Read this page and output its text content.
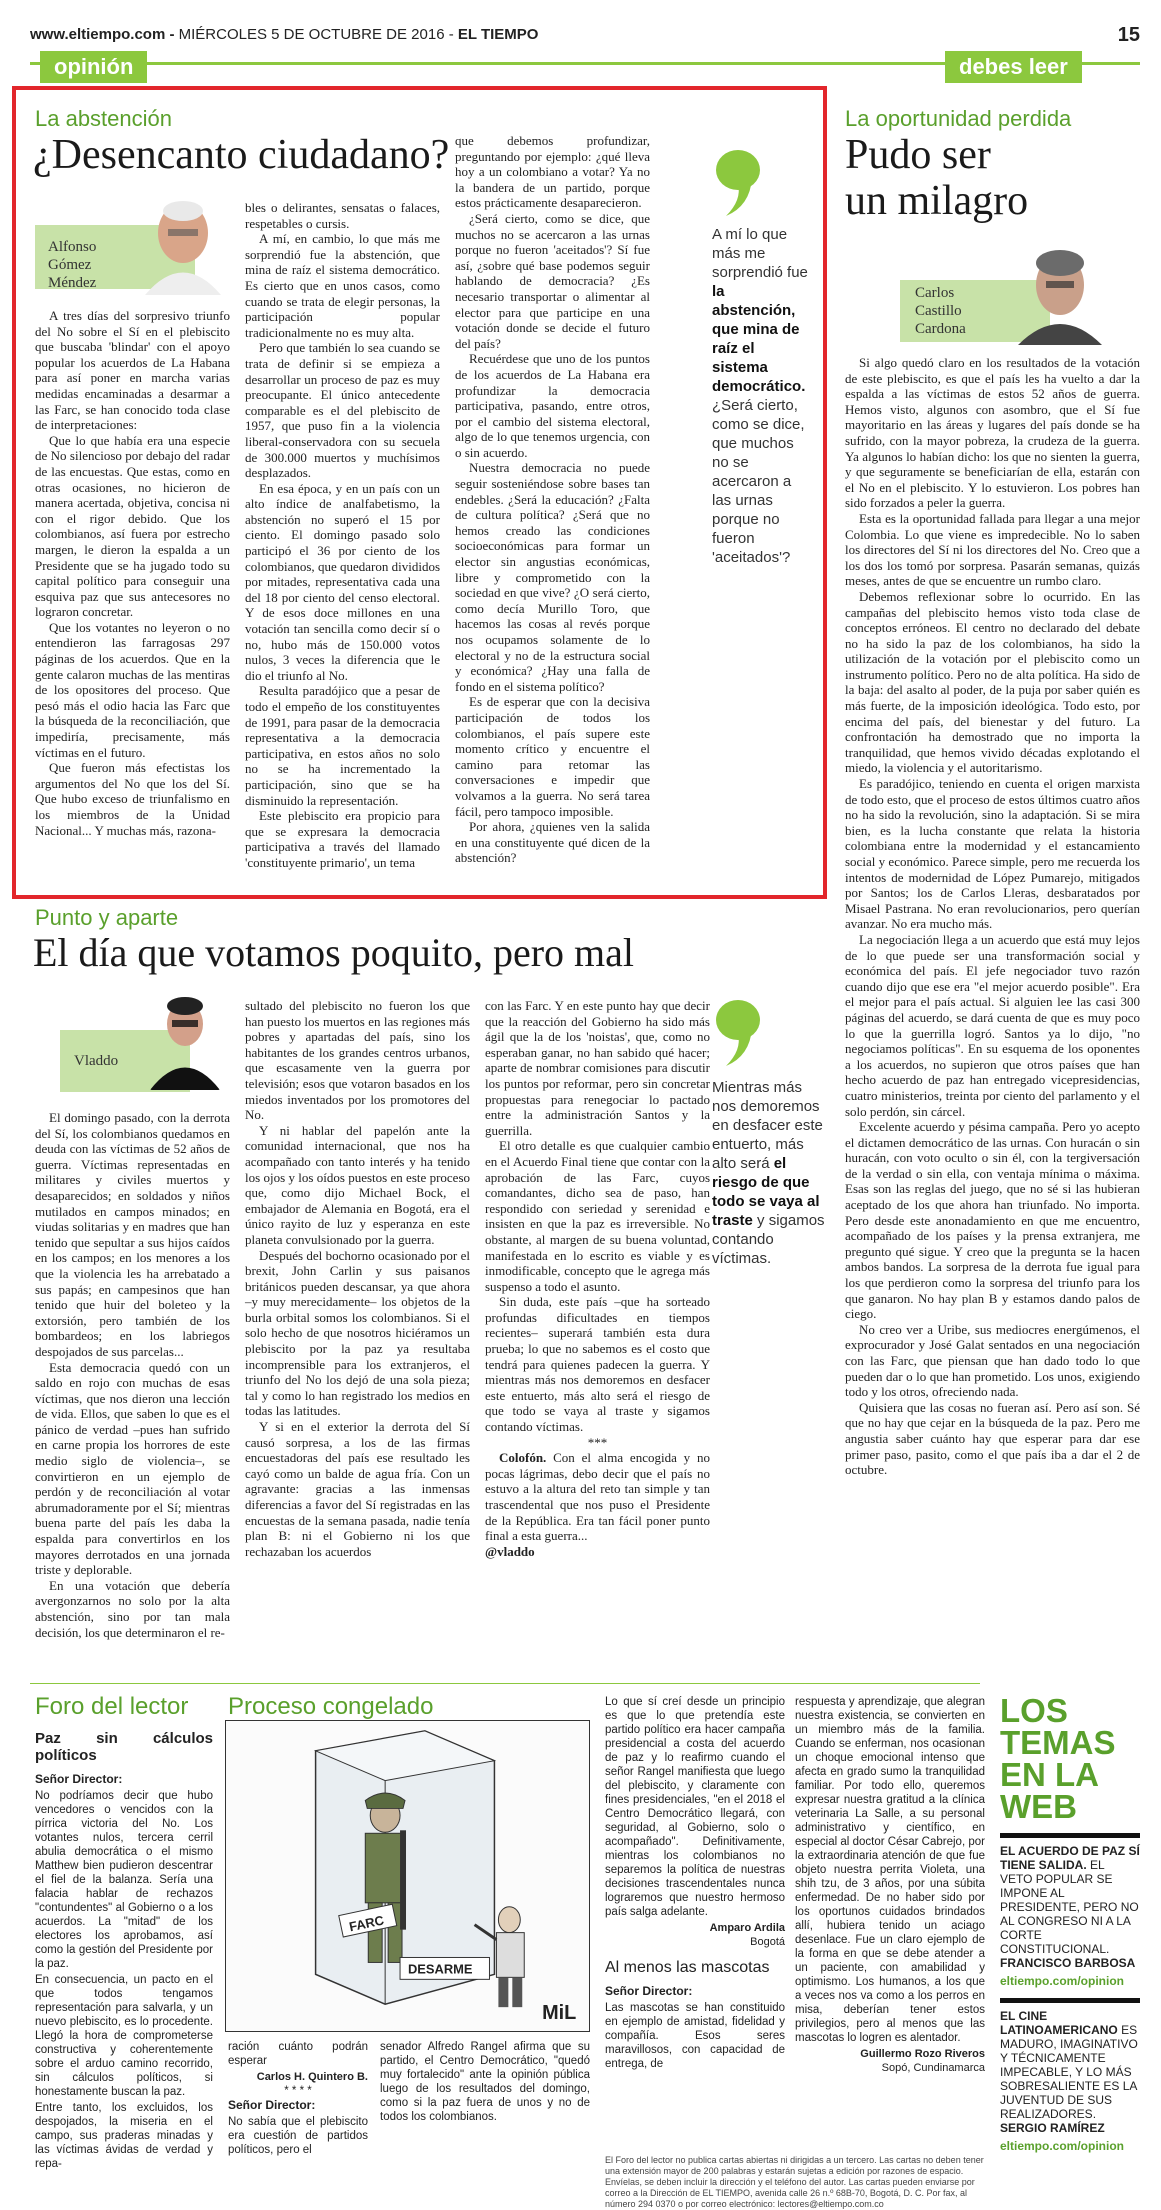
www.eltiempo.com - MIÉRCOLES 5 DE OCTUBRE DE 2016 - EL TIEMPO	15
opinión	debes leer
La abstención
¿Desencanto ciudadano?
Alfonso
Gómez
Méndez

A tres días del sorpresivo triunfo del No sobre el Sí en el plebiscito que buscaba 'blindar' con el apoyo popular los acuerdos de La Habana para así poner en marcha varias medidas encaminadas a desarmar a las Farc, se han conocido toda clase de interpretaciones:

Que lo que había era una especie de No silencioso por debajo del radar de las encuestas. Que estas, como en otras ocasiones, no hicieron de manera acertada, objetiva, concisa ni con el rigor debido. Que los colombianos, así fuera por estrecho margen, le dieron la espalda a un Presidente que se ha jugado todo su capital político para conseguir una esquiva paz que sus antecesores no lograron concretar.

Que los votantes no leyeron o no entendieron las farragosas 297 páginas de los acuerdos. Que en la gente calaron muchas de las mentiras de los opositores del proceso. Que pesó más el odio hacia las Farc que la búsqueda de la reconciliación, que impediría, precisamente, más víctimas en el futuro.

Que fueron más efectistas los argumentos del No que los del Sí. Que hubo exceso de triunfalismo en los miembros de la Unidad Nacional... Y muchas más, razona-

bles o delirantes, sensatas o falaces, respetables o cursis.

A mí, en cambio, lo que más me sorprendió fue la abstención, que mina de raíz el sistema democrático. Es cierto que en unos casos, como cuando se trata de elegir personas, la participación popular tradicionalmente no es muy alta.

Pero que también lo sea cuando se trata de definir si se empieza a desarrollar un proceso de paz es muy preocupante. El único antecedente comparable es el del plebiscito de 1957, que puso fin a la violencia liberal-conservadora con su secuela de 300.000 muertos y muchísimos desplazados.

En esa época, y en un país con un alto índice de analfabetismo, la abstención no superó el 15 por ciento. El domingo pasado solo participó el 36 por ciento de los colombianos, que quedaron divididos por mitades, representativa cada una del 18 por ciento del censo electoral. Y de esos doce millones en una votación tan sencilla como decir sí o no, hubo más de 150.000 votos nulos, 3 veces la diferencia que le dio el triunfo al No.

Resulta paradójico que a pesar de todo el empeño de los constituyentes de 1991, para pasar de la democracia representativa a la democracia participativa, en estos años no solo no se ha incrementado la participación, sino que se ha disminuido la representación.

Este plebiscito era propicio para que se expresara la democracia participativa a través del llamado 'constituyente primario', un tema

que debemos profundizar, preguntando por ejemplo: ¿qué lleva hoy a un colombiano a votar? Ya no la bandera de un partido, porque estos prácticamente desaparecieron.

¿Será cierto, como se dice, que muchos no se acercaron a las urnas porque no fueron 'aceitados'? Sí fue así, ¿sobre qué base podemos seguir hablando de democracia? ¿Es necesario transportar o alimentar al elector para que participe en una votación donde se decide el futuro del país?

Recuérdese que uno de los puntos de los acuerdos de La Habana era profundizar la democracia participativa, pasando, entre otros, por el cambio del sistema electoral, algo de lo que tenemos urgencia, con o sin acuerdo.

Nuestra democracia no puede seguir sosteniéndose sobre bases tan endebles. ¿Será la educación? ¿Falta de cultura política? ¿Será que no hemos creado las condiciones socioeconómicas para formar un elector sin angustias económicas, libre y comprometido con la sociedad en que vive? ¿O será cierto, como decía Murillo Toro, que hacemos las cosas al revés porque nos ocupamos solamente de lo electoral y no de la estructura social y económica? ¿Hay una falla de fondo en el sistema político?

Es de esperar que con la decisiva participación de todos los colombianos, el país supere este momento crítico y encuentre el camino para retomar las conversaciones e impedir que volvamos a la guerra. No será tarea fácil, pero tampoco imposible.

Por ahora, ¿quienes ven la salida en una constituyente qué dicen de la abstención?

A mí lo que más me sorprendió fue la abstención, que mina de raíz el sistema democrático. ¿Será cierto, como se dice, que muchos no se acercaron a las urnas porque no fueron 'aceitados'?
La oportunidad perdida
Pudo ser
un milagro
Carlos
Castillo
Cardona

Si algo quedó claro en los resultados de la votación de este plebiscito, es que el país les ha vuelto a dar la espalda a las víctimas de estos 52 años de guerra. Hemos visto, algunos con asombro, que el Sí fue mayoritario en las áreas y lugares del país donde se ha sufrido, con la mayor pobreza, la crudeza de la guerra. Ya algunos lo habían dicho: los que no sienten la guerra, y que seguramente se beneficiarían de ella, estarán con el No en el plebiscito. Y lo estuvieron. Los pobres han sido forzados a peler la guerra.

Esta es la oportunidad fallada para llegar a una mejor Colombia. Lo que viene es impredecible. No lo saben los directores del Sí ni los directores del No. Creo que a los dos los tomó por sorpresa. Pasarán semanas, quizás meses, antes de que se encuentre un rumbo claro.

Debemos reflexionar sobre lo ocurrido. En las campañas del plebiscito hemos visto toda clase de conceptos erróneos. El centro no declarado del debate no ha sido la paz de los colombianos, ha sido la utilización de la votación por el plebiscito como un instrumento político. Pero no de alta política. Ha sido de la baja: del asalto al poder, de la puja por saber quién es más fuerte, de la imposición ideológica. Todo esto, por encima del país, del bienestar y del futuro. La confrontación ha demostrado que no importa la tranquilidad, que hemos vivido décadas explotando el miedo, la violencia y el autoritarismo.

Es paradójico, teniendo en cuenta el origen marxista de todo esto, que el proceso de estos últimos cuatro años no ha sido la revolución, sino la adaptación. Si se mira bien, es la lucha constante que relata la historia colombiana entre la modernidad y el estancamiento social y económico. Parece simple, pero me recuerda los intentos de modernidad de López Pumarejo, mitigados por Santos; los de Carlos Lleras, desbaratados por Misael Pastrana. No eran revolucionarios, pero querían avanzar. No era mucho más.

La negociación llega a un acuerdo que está muy lejos de lo que puede ser una transformación social y económica del país. El jefe negociador tuvo razón cuando dijo que ese era "el mejor acuerdo posible". Era el mejor para el país actual. Si alguien lee las casi 300 páginas del acuerdo, se dará cuenta de que es muy poco lo que la guerrilla logró. Santos ya lo dijo, "no negociamos políticas". En su esquema de los oponentes a los acuerdos, no supieron que otros países que han hecho acuerdo de paz han entregado vicepresidencias, cuatro ministerios, treinta por ciento del parlamento y el solo perdón, sin cárcel.

Excelente acuerdo y pésima campaña. Pero yo acepto el dictamen democrático de las urnas. Con huracán o sin huracán, con voto oculto o sin él, con la tergiversación de la verdad o sin ella, con ventaja mínima o máxima. Esas son las reglas del juego, que no sé si las hubieran aceptado de los que ahora han triunfado. No importa. Pero desde este anonadamiento en que me encuentro, acompañado de los países y la prensa extranjera, me pregunto qué sigue. Y creo que la pregunta se la hacen ambos bandos. La sorpresa de la derrota fue igual para los que perdieron como la sorpresa del triunfo para los que ganaron. No hay plan B y estamos dando palos de ciego.

No creo ver a Uribe, sus mediocres energúmenos, el exprocurador y José Galat sentados en una negociación con las Farc, que piensan que han dado todo lo que pueden dar o lo que han prometido. Los unos, exigiendo todo y los otros, ofreciendo nada.

Quisiera que las cosas no fueran así. Pero así son. Sé que no hay que cejar en la búsqueda de la paz. Pero me angustia saber cuánto hay que esperar para dar ese primer paso, pasito, como el que país iba a dar el 2 de octubre.

Punto y aparte
El día que votamos poquito, pero mal
Vladdo

El domingo pasado, con la derrota del Sí, los colombianos quedamos en deuda con las víctimas de 52 años de guerra. Víctimas representadas en militares y civiles muertos y desaparecidos; en soldados y niños mutilados en campos minados; en viudas solitarias y en madres que han tenido que sepultar a sus hijos caídos en los campos; en los menores a los que la violencia les ha arrebatado a sus papás; en campesinos que han tenido que huir del boleteo y la extorsión, pero también de los bombardeos; en los labriegos despojados de sus parcelas...

Esta democracia quedó con un saldo en rojo con muchas de esas víctimas, que nos dieron una lección de vida. Ellos, que saben lo que es el pánico de verdad –pues han sufrido en carne propia los horrores de este medio siglo de violencia–, se convirtieron en un ejemplo de perdón y de reconciliación al votar abrumadoramente por el Sí; mientras buena parte del país les daba la espalda para convertirlos en los mayores derrotados en una jornada triste y deplorable.

En una votación que debería avergonzarnos no solo por la alta abstención, sino por tan mala decisión, los que determinaron el re-

sultado del plebiscito no fueron los que han puesto los muertos en las regiones más pobres y apartadas del país, sino los habitantes de los grandes centros urbanos, que escasamente ven la guerra por televisión; esos que votaron basados en los miedos inventados por los promotores del No.

Y ni hablar del papelón ante la comunidad internacional, que nos ha acompañado con tanto interés y ha tenido los ojos y los oídos puestos en este proceso que, como dijo Michael Bock, el embajador de Alemania en Bogotá, era el único rayito de luz y esperanza en este planeta convulsionado por la guerra.

Después del bochorno ocasionado por el brexit, John Carlin y sus paisanos británicos pueden descansar, ya que ahora –y muy merecidamente– los objetos de la burla orbital somos los colombianos. Si el solo hecho de que nosotros hiciéramos un plebiscito por la paz ya resultaba incomprensible para los extranjeros, el triunfo del No los dejó de una sola pieza; tal y como lo han registrado los medios en todas las latitudes.

Y si en el exterior la derrota del Sí causó sorpresa, a los de las firmas encuestadoras del país ese resultado les cayó como un balde de agua fría. Con un agravante: gracias a las inmensas diferencias a favor del Sí registradas en las encuestas de la semana pasada, nadie tenía plan B: ni el Gobierno ni los que rechazaban los acuerdos

con las Farc. Y en este punto hay que decir que la reacción del Gobierno ha sido más ágil que la de los 'noistas', que, como no esperaban ganar, no han sabido qué hacer; aparte de nombrar comisiones para discutir los puntos por reformar, pero sin concretar propuestas para renegociar lo pactado entre la administración Santos y la guerrilla.

El otro detalle es que cualquier cambio en el Acuerdo Final tiene que contar con la aprobación de las Farc, cuyos comandantes, dicho sea de paso, han respondido con seriedad y serenidad e insisten en que la paz es irreversible. No obstante, al margen de su buena voluntad, manifestada en lo escrito es viable y es inmodificable, concepto que le agrega más suspenso a todo el asunto.

Sin duda, este país –que ha sorteado profundas dificultades en tiempos recientes– superará también esta dura prueba; lo que no sabemos es el costo que tendrá para quienes padecen la guerra. Y mientras más nos demoremos en desfacer este entuerto, más alto será el riesgo de que todo se vaya al traste y sigamos contando víctimas.

***

Colofón. Con el alma encogida y no pocas lágrimas, debo decir que el país no estuvo a la altura del reto tan simple y tan trascendental que nos puso el Presidente de la República. Era tan fácil poner punto final a esta guerra...

@vladdo

Mientras más nos demoremos en desfacer este entuerto, más alto será el riesgo de que todo se vaya al traste y sigamos contando víctimas.
Foro del lector
Paz sin cálculos políticos
Señor Director:

No podríamos decir que hubo vencedores o vencidos con la pírrica victoria del No. Los votantes nulos, tercera cerril abulia democrática o el mismo Matthew bien pudieron descentrar el fiel de la balanza. Sería una falacia hablar de rechazos "contundentes" al Gobierno o a los acuerdos. La "mitad" de los electores los aprobamos, así como la gestión del Presidente por la paz.

En consecuencia, un pacto en el que todos tengamos representación para salvarla, y un nuevo plebiscito, es lo procedente. Llegó la hora de comprometerse constructiva y coherentemente sobre el arduo camino recorrido, sin cálculos políticos, si honestamente buscan la paz.

Entre tanto, los excluidos, los despojados, la miseria en el campo, sus praderas minadas y las víctimas ávidas de verdad y repa-

Proceso congelado
FARC
DESARME
MiL

ración cuánto podrán esperar

Carlos H. Quintero B.
* * * *
Señor Director:

No sabía que el plebiscito era cuestión de partidos políticos, pero el

senador Alfredo Rangel afirma que su partido, el Centro Democrático, "quedó muy fortalecido" ante la opinión pública luego de los resultados del domingo, como si la paz fuera de unos y no de todos los colombianos.

Lo que sí creí desde un principio es que lo que pretendía este partido político era hacer campaña presidencial a costa del acuerdo de paz y lo reafirmo cuando el señor Rangel manifiesta que luego del plebiscito, y claramente con fines presidenciales, "en el 2018 el Centro Democrático llegará, con seguridad, al Gobierno, solo o acompañado". Definitivamente, mientras los colombianos no separemos la política de nuestras decisiones trascendentales nunca lograremos que nuestro hermoso país salga adelante.

Amparo Ardila
Bogotá
Al menos las mascotas
Señor Director:

Las mascotas se han constituido en ejemplo de amistad, fidelidad y compañía. Esos seres maravillosos, con capacidad de entrega, de

respuesta y aprendizaje, que alegran nuestra existencia, se convierten en un miembro más de la familia. Cuando se enferman, nos ocasionan un choque emocional intenso que afecta en grado sumo la tranquilidad familiar. Por todo ello, queremos expresar nuestra gratitud a la clínica veterinaria La Salle, a su personal administrativo y científico, en especial al doctor César Cabrejo, por la extraordinaria atención de que fue objeto nuestra perrita Violeta, una shih tzu, de 3 años, por una súbita enfermedad. De no haber sido por los oportunos cuidados brindados allí, hubiera tenido un aciago desenlace. Fue un claro ejemplo de la forma en que se debe atender a un paciente, con amabilidad y optimismo. Los humanos, a los que a veces nos va como a los perros en misa, deberían tener estos privilegios, pero al menos que las mascotas lo logren es alentador.

Guillermo Rozo Riveros
Sopó, Cundinamarca
El Foro del lector no publica cartas abiertas ni dirigidas a un tercero. Las cartas no deben tener una extensión mayor de 200 palabras y estarán sujetas a edición por razones de espacio. Envíelas, se deben incluir la dirección y el teléfono del autor. Las cartas pueden enviarse por correo a la Dirección de EL TIEMPO, avenida calle 26 n.º 68B-70, Bogotá, D. C. Por fax, al número 294 0370 o por correo electrónico: lectores@eltiempo.com.co
LOS
TEMAS
EN LA
WEB
EL ACUERDO DE PAZ SÍ TIENE SALIDA. EL VETO POPULAR SE IMPONE AL PRESIDENTE, PERO NO AL CONGRESO NI A LA CORTE CONSTITUCIONAL.
FRANCISCO BARBOSA
eltiempo.com/opinion
EL CINE LATINOAMERICANO ES MADURO, IMAGINATIVO Y TÉCNICAMENTE IMPECABLE, Y LO MÁS SOBRESALIENTE ES LA JUVENTUD DE SUS REALIZADORES.
SERGIO RAMÍREZ
eltiempo.com/opinion
